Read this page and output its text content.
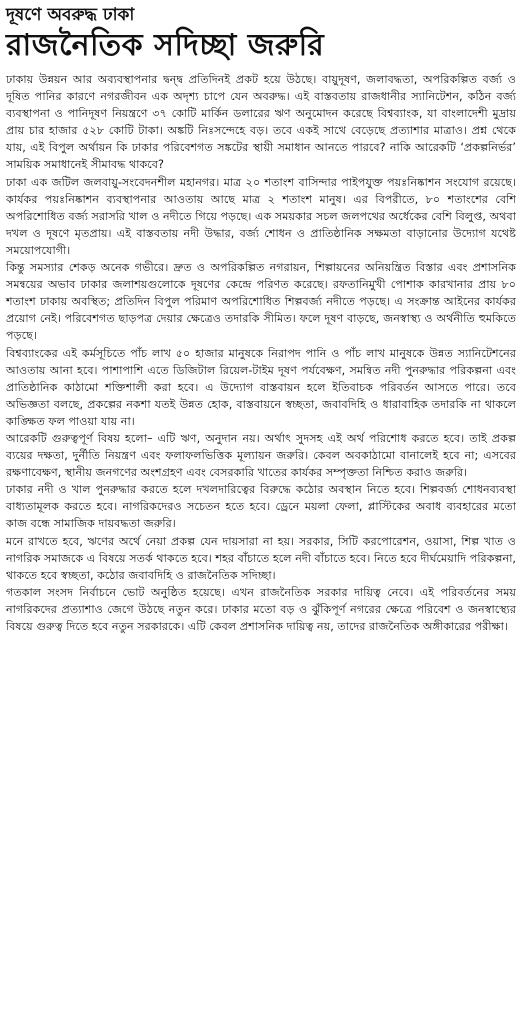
দূষণে অবরুদ্ধ ঢাকা
রাজনৈতিক সদিচ্ছা জরুরি

ঢাকায় উন্নয়ন আর অব্যবস্থাপনার দ্বন্দ্ব প্রতিদিনই প্রকট হয়ে উঠছে। বায়ুদূষণ, জলাবদ্ধতা, অপরিকল্পিত বর্জ্য ও দূষিত পানির কারণে নগরজীবন এক অদৃশ্য চাপে যেন অবরুদ্ধ। এই বাস্তবতায় রাজধানীর স্যানিটেশন, কঠিন বর্জ্য ব্যবস্থাপনা ও পানিদূষণ নিয়ন্ত্রণে ৩৭ কোটি মার্কিন ডলারের ঋণ অনুমোদন করেছে বিশ্বব্যাংক, যা বাংলাদেশী মুদ্রায় প্রায় চার হাজার ৫২৮ কোটি টাকা। অঙ্কটি নিঃসন্দেহে বড়। তবে একই সাথে বেড়েছে প্রত্যাশার মাত্রাও। প্রশ্ন থেকে যায়, এই বিপুল অর্থায়ন কি ঢাকার পরিবেশগত সঙ্কটের স্থায়ী সমাধান আনতে পারবে? নাকি আরেকটি ‘প্রকল্পনির্ভর’ সাময়িক সমাধানেই সীমাবদ্ধ থাকবে?

ঢাকা এক জটিল জলবায়ু-সংবেদনশীল মহানগর। মাত্র ২০ শতাংশ বাসিন্দার পাইপযুক্ত পয়ঃনিষ্কাশন সংযোগ রয়েছে। কার্যকর পয়ঃনিষ্কাশন ব্যবস্থাপনার আওতায় আছে মাত্র ২ শতাংশ মানুষ। এর বিপরীতে, ৮০ শতাংশের বেশি অপরিশোধিত বর্জ্য সরাসরি খাল ও নদীতে গিয়ে পড়ছে। এক সময়কার সচল জলপথের অর্ধেকের বেশি বিলুপ্ত, অথবা দখল ও দূষণে মৃতপ্রায়। এই বাস্তবতায় নদী উদ্ধার, বর্জ্য শোধন ও প্রাতিষ্ঠানিক সক্ষমতা বাড়ানোর উদ্যোগ যথেষ্ট সময়োপযোগী।

কিন্তু সমস্যার শেকড় অনেক গভীরে। দ্রুত ও অপরিকল্পিত নগরায়ন, শিল্পায়নের অনিয়ন্ত্রিত বিস্তার এবং প্রশাসনিক সমন্বয়ের অভাব ঢাকার জলাশয়গুলোকে দূষণের কেন্দ্রে পরিণত করেছে। রফতানিমুখী পোশাক কারখানার প্রায় ৮০ শতাংশ ঢাকায় অবস্থিত; প্রতিদিন বিপুল পরিমাণ অপরিশোধিত শিল্পবর্জ্য নদীতে পড়ছে। এ সংক্রান্ত আইনের কার্যকর প্রয়োগ নেই। পরিবেশগত ছাড়পত্র দেয়ার ক্ষেত্রেও তদারকি সীমিত। ফলে দূষণ বাড়ছে, জনস্বাস্থ্য ও অর্থনীতি হুমকিতে পড়ছে।

বিশ্বব্যাংকের এই কর্মসূচিতে পাঁচ লাখ ৫০ হাজার মানুষকে নিরাপদ পানি ও পাঁচ লাখ মানুষকে উন্নত স্যানিটেশনের আওতায় আনা হবে। পাশাপাশি এতে ডিজিটাল রিয়েল-টাইম দূষণ পর্যবেক্ষণ, সমন্বিত নদী পুনরুদ্ধার পরিকল্পনা এবং প্রাতিষ্ঠানিক কাঠামো শক্তিশালী করা হবে। এ উদ্যোগ বাস্তবায়ন হলে ইতিবাচক পরিবর্তন আসতে পারে। তবে অভিজ্ঞতা বলছে, প্রকল্পের নকশা যতই উন্নত হোক, বাস্তবায়নে স্বচ্ছতা, জবাবদিহি ও ধারাবাহিক তদারকি না থাকলে কাঙ্ক্ষিত ফল পাওয়া যায় না।

আরেকটি গুরুত্বপূর্ণ বিষয় হলো– এটি ঋণ, অনুদান নয়। অর্থাৎ সুদসহ এই অর্থ পরিশোধ করতে হবে। তাই প্রকল্প ব্যয়ের দক্ষতা, দুর্নীতি নিয়ন্ত্রণ এবং ফলাফলভিত্তিক মূল্যায়ন জরুরি। কেবল অবকাঠামো বানালেই হবে না; এসবের রক্ষণাবেক্ষণ, স্থানীয় জনগণের অংশগ্রহণ এবং বেসরকারি খাতের কার্যকর সম্পৃক্ততা নিশ্চিত করাও জরুরি।

ঢাকার নদী ও খাল পুনরুদ্ধার করতে হলে দখলদারিত্বের বিরুদ্ধে কঠোর অবস্থান নিতে হবে। শিল্পবর্জ্য শোধনব্যবস্থা বাধ্যতামূলক করতে হবে। নাগরিকদেরও সচেতন হতে হবে। ড্রেনে ময়লা ফেলা, প্লাস্টিকের অবাধ ব্যবহারের মতো কাজ বন্ধে সামাজিক দায়বদ্ধতা জরুরি।

মনে রাখতে হবে, ঋণের অর্থে নেয়া প্রকল্প যেন দায়সারা না হয়। সরকার, সিটি করপোরেশন, ওয়াসা, শিল্প খাত ও নাগরিক সমাজকে এ বিষয়ে সতর্ক থাকতে হবে। শহর বাঁচাতে হলে নদী বাঁচাতে হবে। নিতে হবে দীর্ঘমেয়াদি পরিকল্পনা, থাকতে হবে স্বচ্ছতা, কঠোর জবাবদিহি ও রাজনৈতিক সদিচ্ছা।

গতকাল সংসদ নির্বাচনে ভোট অনুষ্ঠিত হয়েছে। এখন রাজনৈতিক সরকার দায়িত্ব নেবে। এই পরিবর্তনের সময় নাগরিকদের প্রত্যাশাও জেগে উঠছে নতুন করে। ঢাকার মতো বড় ও ঝুঁকিপূর্ণ নগরের ক্ষেত্রে পরিবেশ ও জনস্বাস্থ্যের বিষয়ে গুরুত্ব দিতে হবে নতুন সরকারকে। এটি কেবল প্রশাসনিক দায়িত্ব নয়, তাদের রাজনৈতিক অঙ্গীকারের পরীক্ষা।
